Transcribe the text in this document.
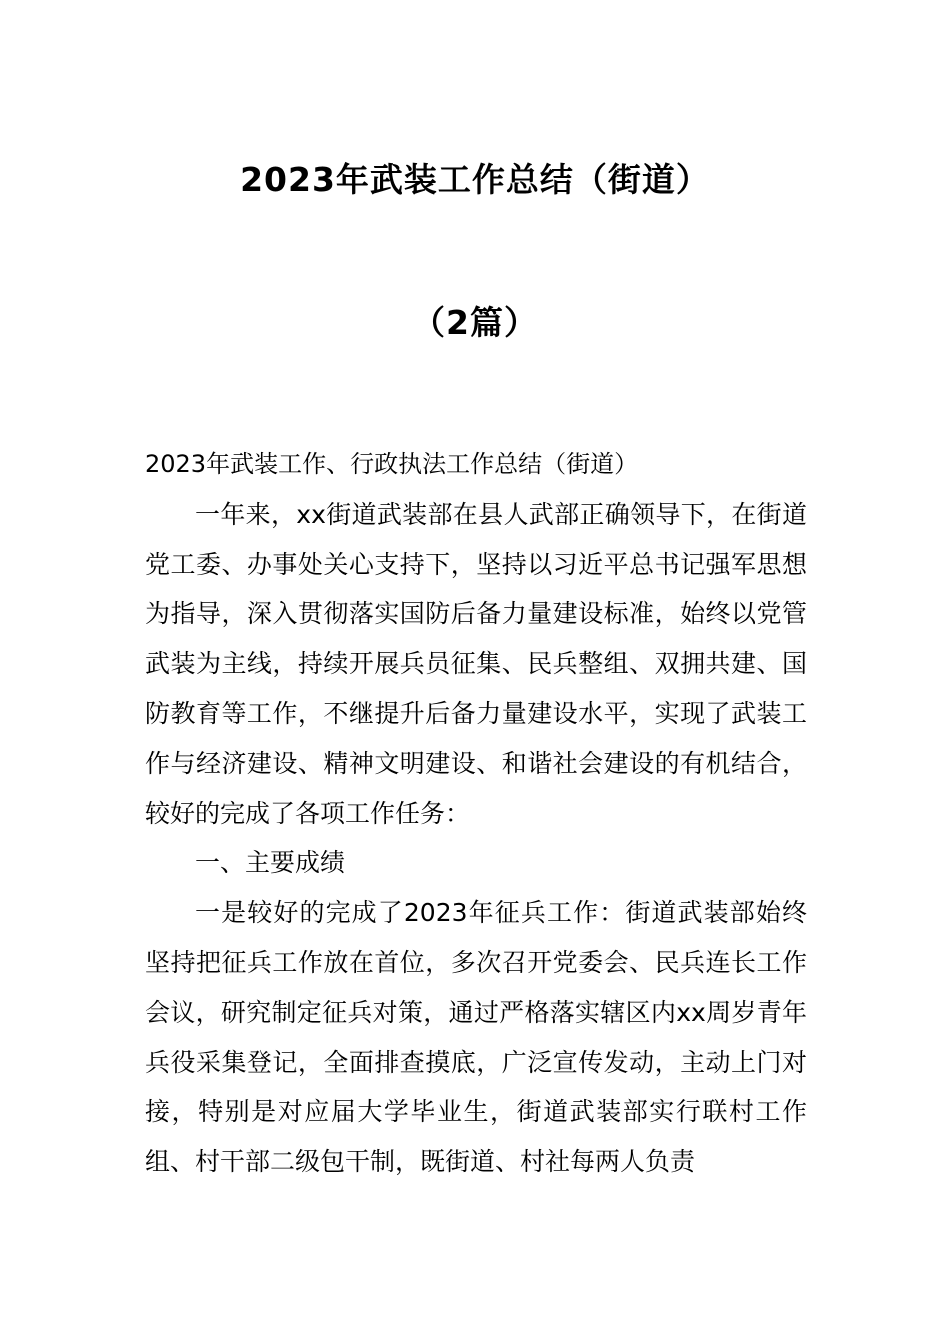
2023年武装工作总结（街道）
（2篇）

2023年武装工作、行政执法工作总结（街道）

一年来，xx街道武装部在县人武部正确领导下，在街道党工委、办事处关心支持下，坚持以习近平总书记强军思想为指导，深入贯彻落实国防后备力量建设标准，始终以党管武装为主线，持续开展兵员征集、民兵整组、双拥共建、国防教育等工作，不继提升后备力量建设水平，实现了武装工作与经济建设、精神文明建设、和谐社会建设的有机结合，较好的完成了各项工作任务：

一、主要成绩

一是较好的完成了2023年征兵工作：街道武装部始终坚持把征兵工作放在首位，多次召开党委会、民兵连长工作会议，研究制定征兵对策，通过严格落实辖区内xx周岁青年兵役采集登记，全面排查摸底，广泛宣传发动，主动上门对接，特别是对应届大学毕业生，街道武装部实行联村工作组、村干部二级包干制，既街道、村社每两人负责
